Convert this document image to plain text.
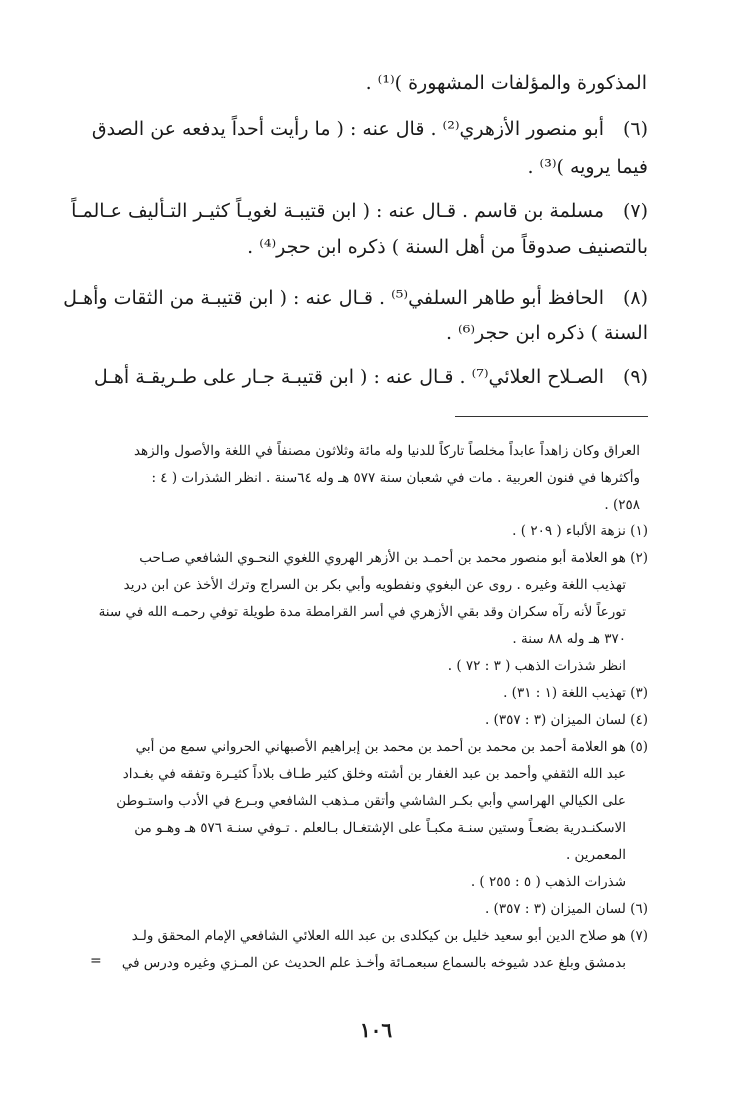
المذكورة والمؤلفات المشهورة )⁽¹⁾ .
(٦)
أبو منصور الأزهري⁽²⁾ . قال عنه : ( ما رأيت أحداً يدفعه عن الصدق
فيما يرويه )⁽³⁾ .
(٧)
مسلمة بن قاسم . قـال عنه : ( ابن قتيبـة لغويـاً كثيـر التـأليف عـالمـاً
بالتصنيف صدوقاً من أهل السنة ) ذكره ابن حجر⁽⁴⁾ .
(٨)
الحافظ أبو طاهر السلفي⁽⁵⁾ . قـال عنه : ( ابن قتيبـة من الثقات وأهـل
السنة ) ذكره ابن حجر⁽⁶⁾ .
(٩)
الصـلاح العلائي⁽⁷⁾ . قـال عنه : ( ابن قتيبـة جـار على طـريقـة أهـل
العراق وكان زاهداً عابداً مخلصاً تاركاً للدنيا وله مائة وثلاثون مصنفاً في اللغة والأصول والزهد
وأكثرها في فنون العربية . مات في شعبان سنة ٥٧٧ هـ وله ٦٤سنة . انظر الشذرات ( ٤ :
٢٥٨) .
(١) نزهة الألباء ( ٢٠٩ ) .
(٢) هو العلامة أبو منصور محمد بن أحمـد بن الأزهر الهروي اللغوي النحـوي الشافعي صـاحب
تهذيب اللغة وغيره . روى عن البغوي ونفطويه وأبي بكر بن السراج وترك الأخذ عن ابن دريد
تورعاً لأنه رآه سكران وقد بقي الأزهري في أسر القرامطة مدة طويلة توفي رحمـه الله في سنة
٣٧٠ هـ وله ٨٨ سنة .
انظر شذرات الذهب ( ٣ : ٧٢ ) .
(٣) تهذيب اللغة (١ : ٣١) .
(٤) لسان الميزان (٣ : ٣٥٧) .
(٥) هو العلامة أحمد بن محمد بن أحمد بن محمد بن إبراهيم الأصبهاني الحرواني سمع من أبي
عبد الله الثقفي وأحمد بن عبد الغفار بن أشته وخلق كثير طـاف بلاداً كثيـرة وتفقه في بغـداد
على الكيالي الهراسي وأبي بكـر الشاشي وأتقن مـذهب الشافعي وبـرع في الأدب واستـوطن
الاسكنـدرية بضعـاً وستين سنـة مكبـاً على الإشتغـال بـالعلم . تـوفي سنـة ٥٧٦ هـ وهـو من
المعمرين .
شذرات الذهب ( ٥ : ٢٥٥ ) .
(٦) لسان الميزان (٣ : ٣٥٧) .
(٧) هو صلاح الدين أبو سعيد خليل بن كيكلدى بن عبد الله العلائي الشافعي الإمام المحقق ولـد
بدمشق وبلغ عدد شيوخه بالسماع سبعمـائة وأخـذ علم الحديث عن المـزي وغيره ودرس في
=
١٠٦
